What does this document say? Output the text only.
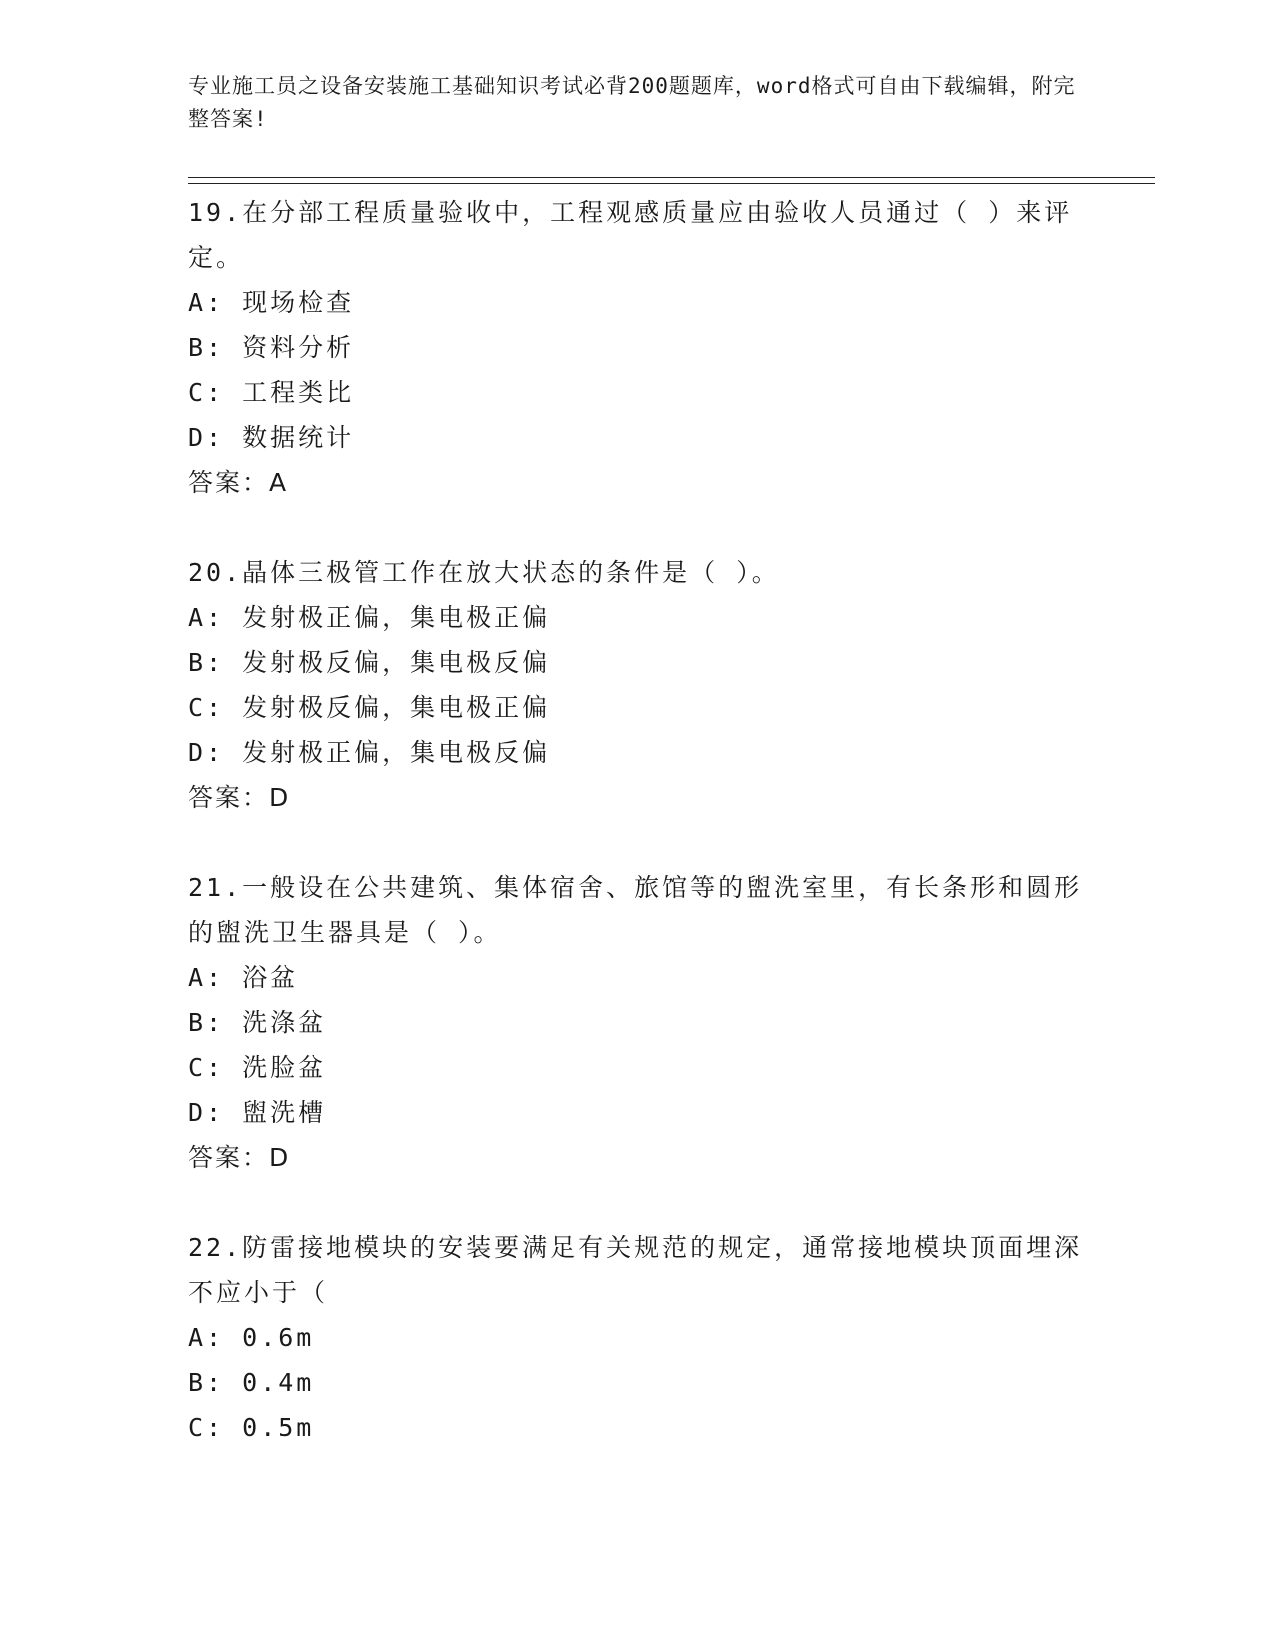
专业施工员之设备安装施工基础知识考试必背200题题库，word格式可自由下载编辑，附完整答案!

19.在分部工程质量验收中，工程观感质量应由验收人员通过（ ）来评定。

A: 现场检查

B: 资料分析

C: 工程类比

D: 数据统计

答案：A

20.晶体三极管工作在放大状态的条件是（ ）。

A: 发射极正偏，集电极正偏

B: 发射极反偏，集电极反偏

C: 发射极反偏，集电极正偏

D: 发射极正偏，集电极反偏

答案：D

21.一般设在公共建筑、集体宿舍、旅馆等的盥洗室里，有长条形和圆形的盥洗卫生器具是（ ）。

A: 浴盆

B: 洗涤盆

C: 洗脸盆

D: 盥洗槽

答案：D

22.防雷接地模块的安装要满足有关规范的规定，通常接地模块顶面埋深不应小于（

A: 0.6m

B: 0.4m

C: 0.5m
